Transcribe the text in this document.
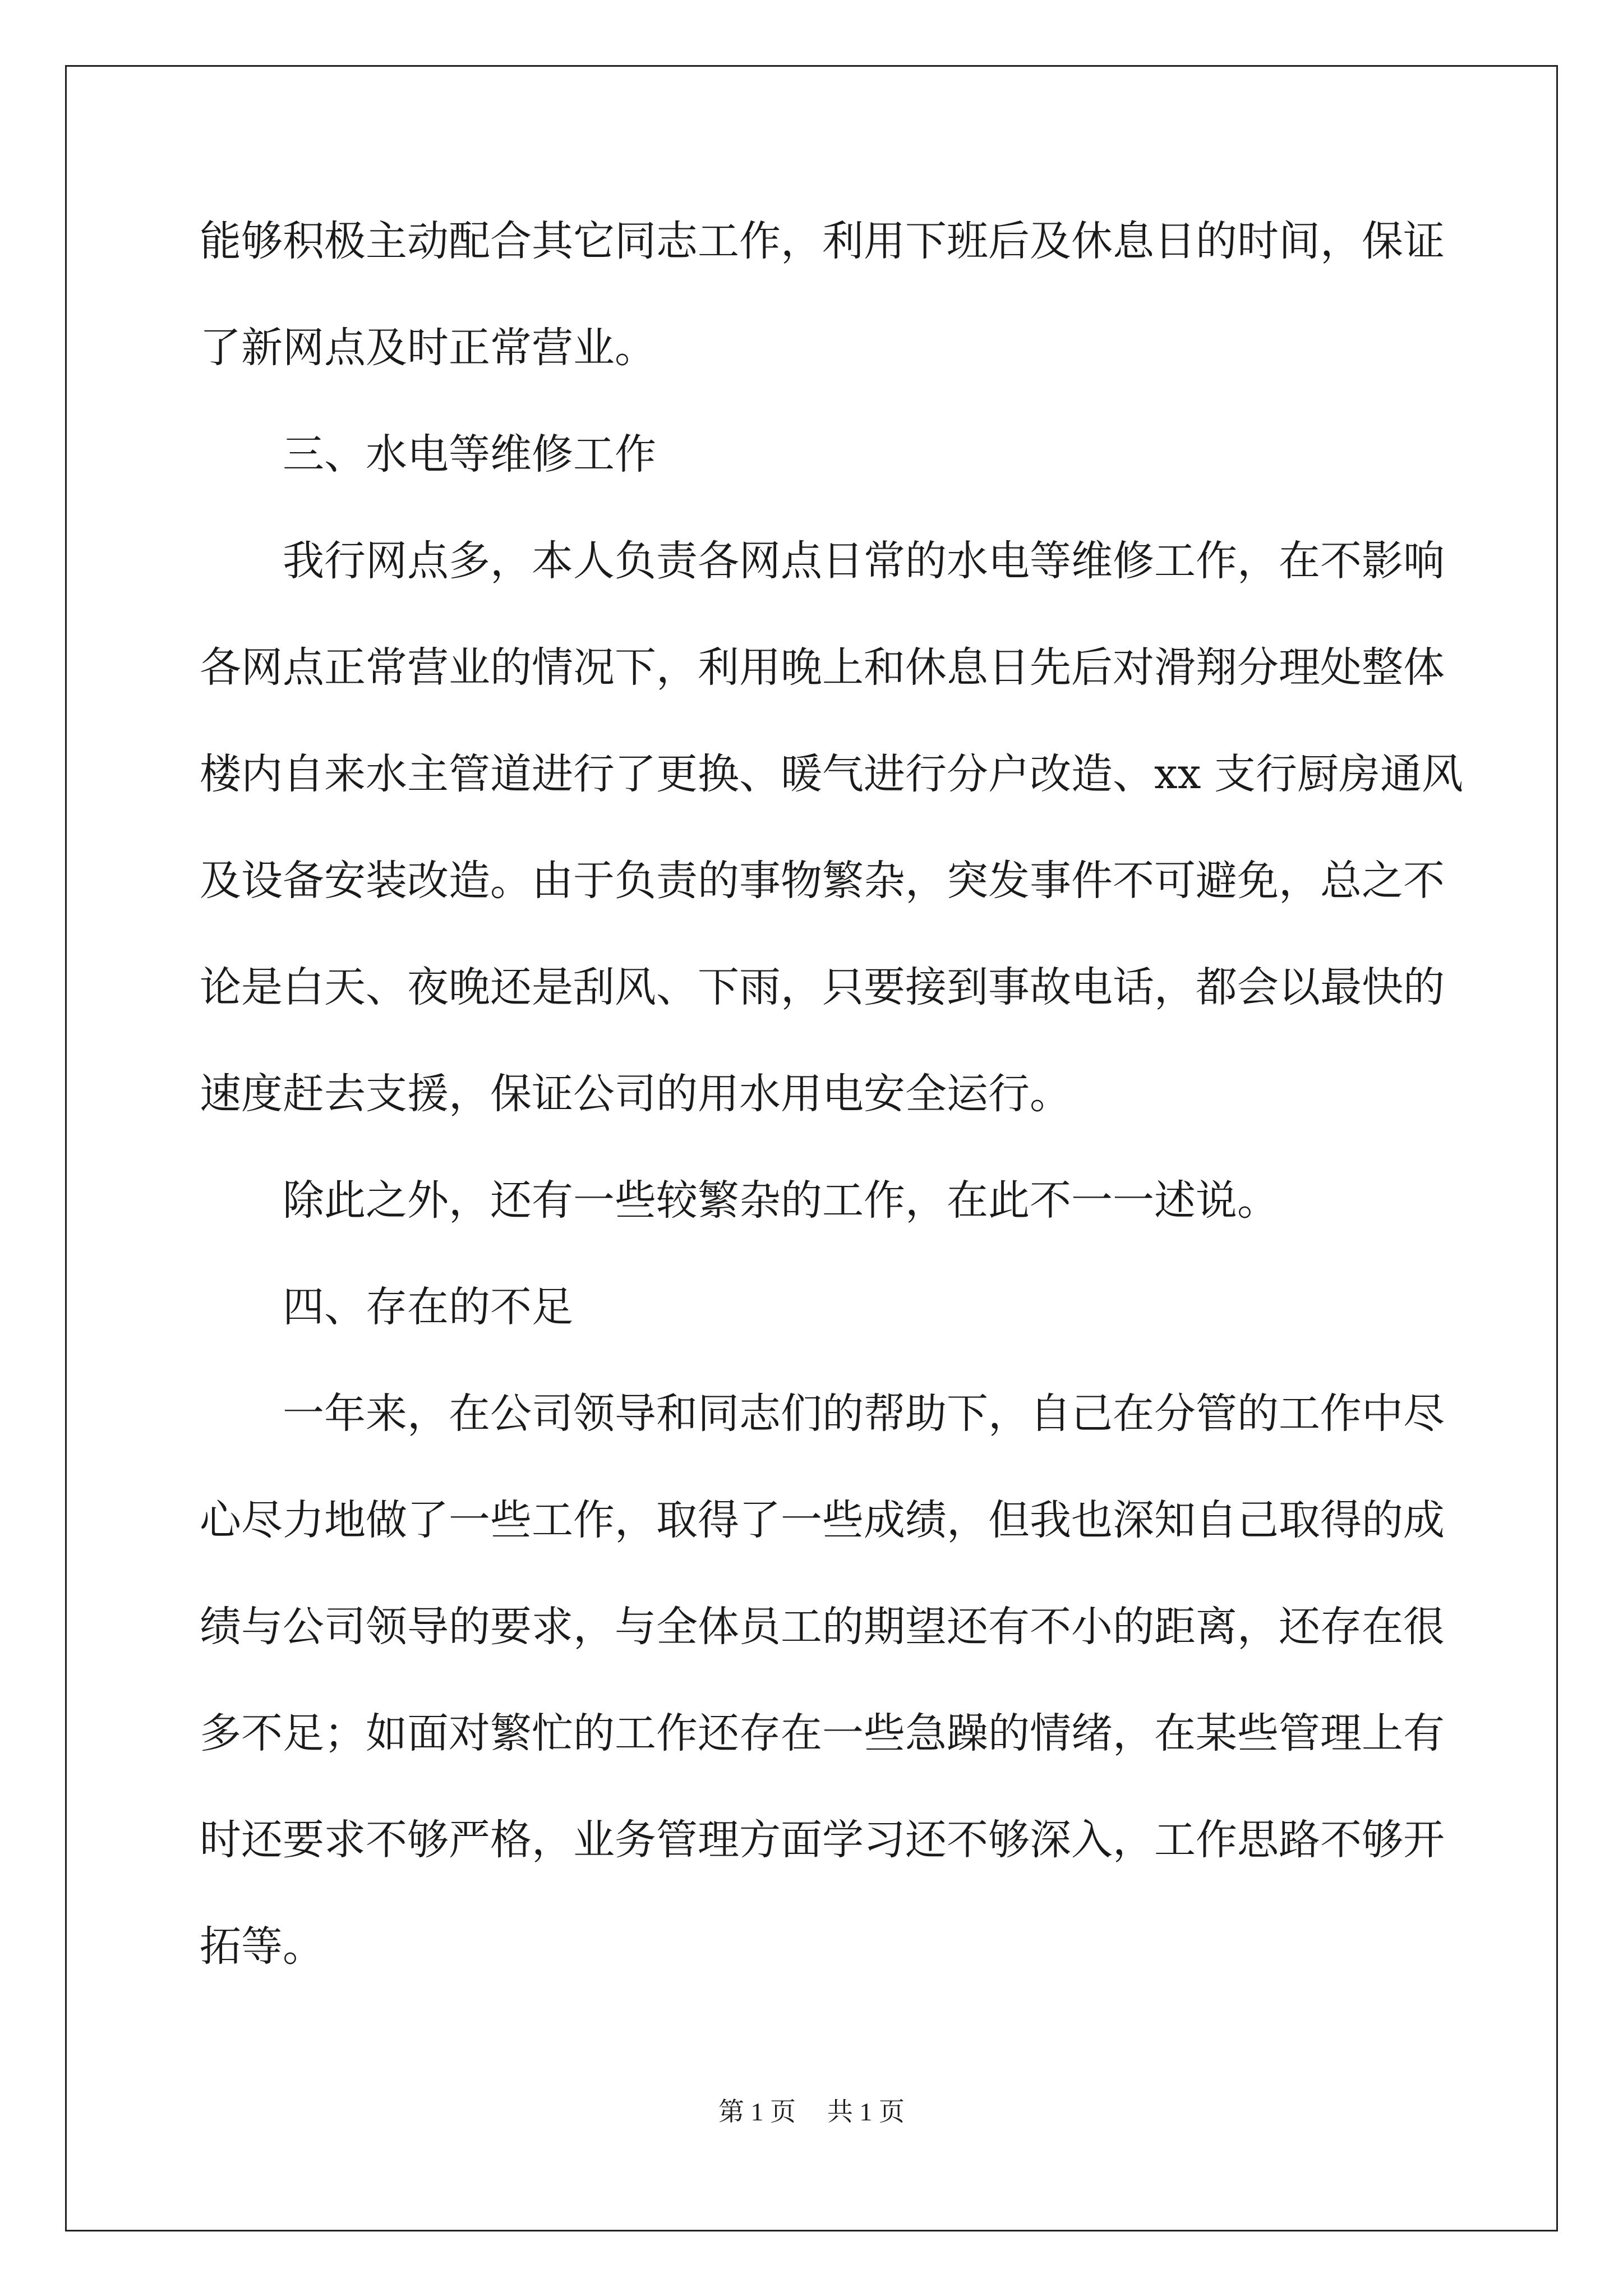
能够积极主动配合其它同志工作，利用下班后及休息日的时间，保证
了新网点及时正常营业。
三、水电等维修工作
我行网点多，本人负责各网点日常的水电等维修工作，在不影响
各网点正常营业的情况下，利用晚上和休息日先后对滑翔分理处整体
楼内自来水主管道进行了更换、暖气进行分户改造、xx 支行厨房通风
及设备安装改造。由于负责的事物繁杂，突发事件不可避免，总之不
论是白天、夜晚还是刮风、下雨，只要接到事故电话，都会以最快的
速度赶去支援，保证公司的用水用电安全运行。
除此之外，还有一些较繁杂的工作，在此不一一述说。
四、存在的不足
一年来，在公司领导和同志们的帮助下，自己在分管的工作中尽
心尽力地做了一些工作，取得了一些成绩，但我也深知自己取得的成
绩与公司领导的要求，与全体员工的期望还有不小的距离，还存在很
多不足；如面对繁忙的工作还存在一些急躁的情绪，在某些管理上有
时还要求不够严格，业务管理方面学习还不够深入，工作思路不够开
拓等。
第 1 页 共 1 页
